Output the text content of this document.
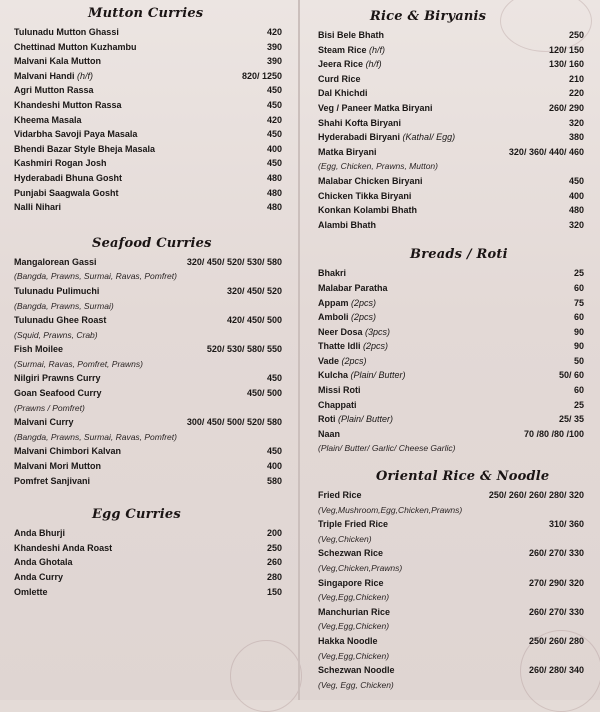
Mutton Curries
Tulunadu Mutton Ghassi	420
Chettinad Mutton Kuzhambu	390
Malvani Kala Mutton	390
Malvani Handi (h/f)	820/ 1250
Agri Mutton Rassa	450
Khandeshi Mutton Rassa	450
Kheema Masala	420
Vidarbha Savoji Paya Masala	450
Bhendi Bazar Style Bheja Masala	400
Kashmiri Rogan Josh	450
Hyderabadi Bhuna Gosht	480
Punjabi Saagwala Gosht	480
Nalli Nihari	480
Seafood Curries
Mangalorean Gassi	320/ 450/ 520/ 530/ 580
(Bangda, Prawns, Surmai, Ravas, Pomfret)
Tulunadu Pulimuchi	320/ 450/ 520
(Bangda, Prawns, Surmai)
Tulunadu Ghee Roast	420/ 450/ 500
(Squid, Prawns, Crab)
Fish Moilee	520/ 530/ 580/ 550
(Surmai, Ravas, Pomfret, Prawns)
Nilgiri Prawns Curry	450
Goan Seafood Curry	450/ 500
(Prawns / Pomfret)
Malvani Curry	300/ 450/ 500/ 520/ 580
(Bangda, Prawns, Surmai, Ravas, Pomfret)
Malvani Chimbori Kalvan	450
Malvani Mori Mutton	400
Pomfret Sanjivani	580
Egg Curries
Anda Bhurji	200
Khandeshi Anda Roast	250
Anda Ghotala	260
Anda Curry	280
Omlette	150
Rice & Biryanis
Bisi Bele Bhath	250
Steam Rice (h/f)	120/ 150
Jeera Rice (h/f)	130/ 160
Curd Rice	210
Dal Khichdi	220
Veg / Paneer Matka Biryani	260/ 290
Shahi Kofta Biryani	320
Hyderabadi Biryani (Kathal/ Egg)	380
Matka Biryani	320/ 360/ 440/ 460
(Egg, Chicken, Prawns, Mutton)
Malabar Chicken Biryani	450
Chicken Tikka Biryani	400
Konkan Kolambi Bhath	480
Alambi Bhath	320
Breads / Roti
Bhakri	25
Malabar Paratha	60
Appam (2pcs)	75
Amboli (2pcs)	60
Neer Dosa (3pcs)	90
Thatte Idli (2pcs)	90
Vade (2pcs)	50
Kulcha (Plain/ Butter)	50/ 60
Missi Roti	60
Chappati	25
Roti (Plain/ Butter)	25/ 35
Naan	70 /80 /80 /100
(Plain/ Butter/ Garlic/ Cheese Garlic)
Oriental Rice & Noodle
Fried Rice	250/ 260/ 260/ 280/ 320
(Veg,Mushroom,Egg,Chicken,Prawns)
Triple Fried Rice	310/ 360
(Veg,Chicken)
Schezwan Rice	260/ 270/ 330
(Veg,Chicken,Prawns)
Singapore Rice	270/ 290/ 320
(Veg,Egg,Chicken)
Manchurian Rice	260/ 270/ 330
(Veg,Egg,Chicken)
Hakka Noodle	250/ 260/ 280
(Veg,Egg,Chicken)
Schezwan Noodle	260/ 280/ 340
(Veg, Egg, Chicken)
